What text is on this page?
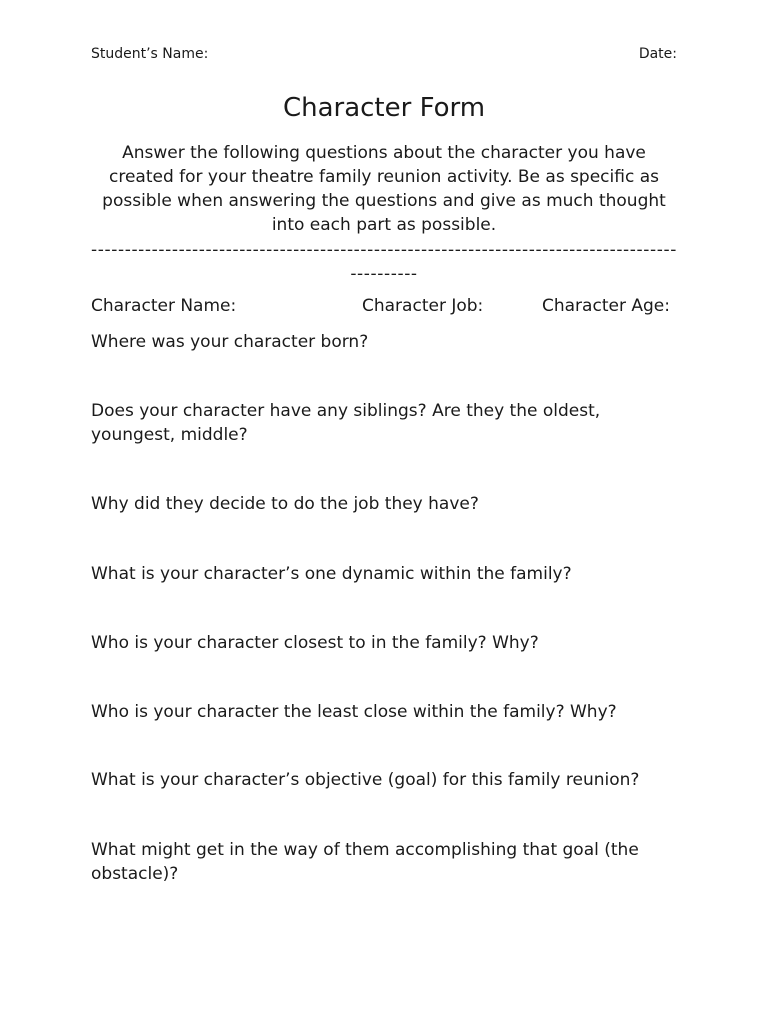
Student’s Name:	Date:
Character Form
Answer the following questions about the character you have created for your theatre family reunion activity. Be as specific as possible when answering the questions and give as much thought into each part as possible.
-------------------------------------------------------------------------------------------------
Character Name:	Character Job:	Character Age:
Where was your character born?
Does your character have any siblings? Are they the oldest, youngest, middle?
Why did they decide to do the job they have?
What is your character’s one dynamic within the family?
Who is your character closest to in the family? Why?
Who is your character the least close within the family? Why?
What is your character’s objective (goal) for this family reunion?
What might get in the way of them accomplishing that goal (the obstacle)?
